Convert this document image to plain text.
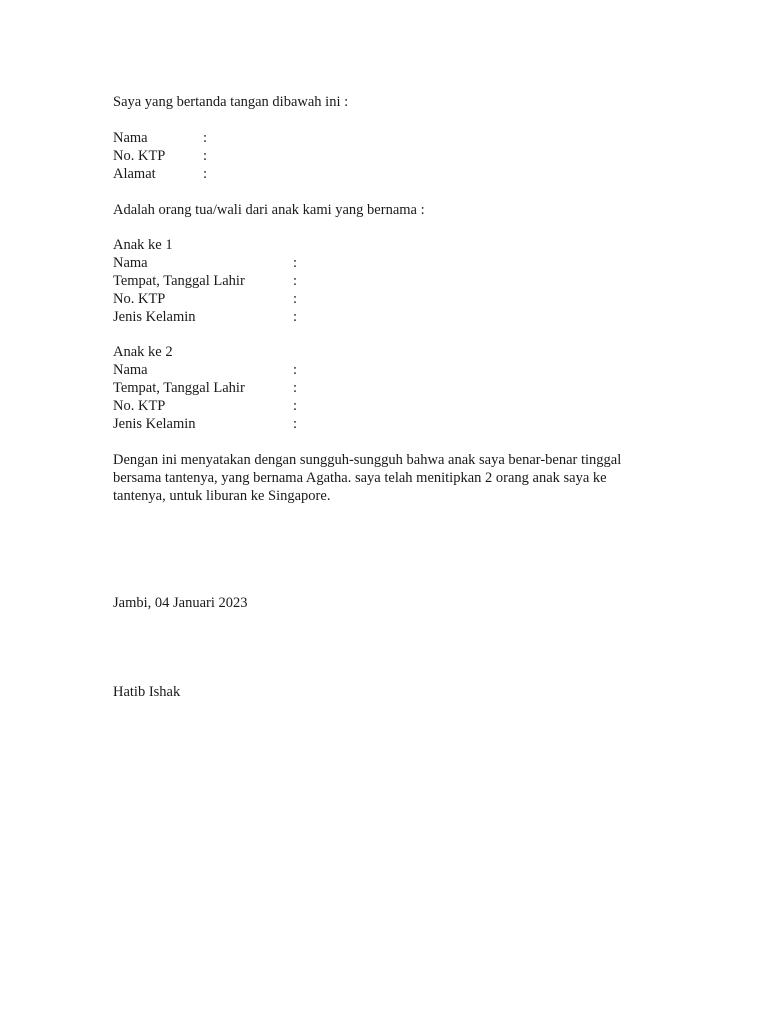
Saya yang bertanda tangan dibawah ini :
Nama	:
No. KTP	:
Alamat	:
Adalah orang tua/wali dari anak kami yang bernama :
Anak ke 1
Nama	:
Tempat, Tanggal Lahir	:
No. KTP	:
Jenis Kelamin	:
Anak ke 2
Nama	:
Tempat, Tanggal Lahir	:
No. KTP	:
Jenis Kelamin	:
Dengan ini menyatakan dengan sungguh-sungguh bahwa anak saya benar-benar tinggal
bersama tantenya, yang bernama Agatha. saya telah menitipkan 2 orang anak saya ke
tantenya, untuk liburan ke Singapore.
Jambi, 04 Januari 2023
Hatib Ishak
